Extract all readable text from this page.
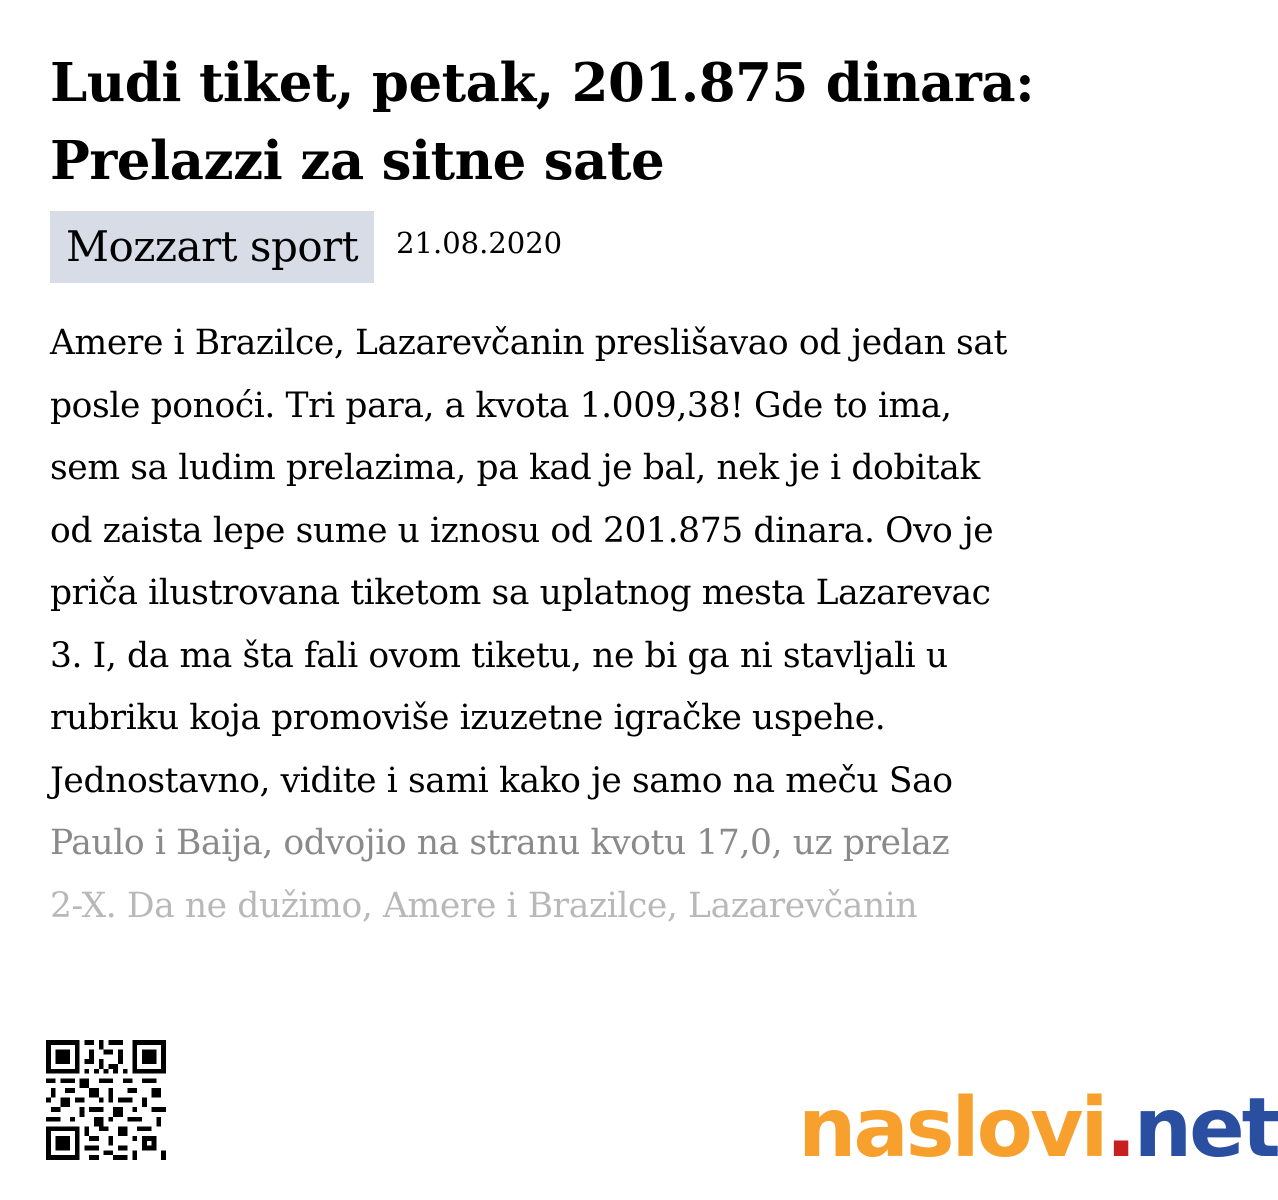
Ludi tiket, petak, 201.875 dinara: Prelazzi za sitne sate
Mozzart sport	21.08.2020
Amere i Brazilce, Lazarevčanin preslišavao od jedan sat
posle ponoći. Tri para, a kvota 1.009,38! Gde to ima,
sem sa ludim prelazima, pa kad je bal, nek je i dobitak
od zaista lepe sume u iznosu od 201.875 dinara. Ovo je
priča ilustrovana tiketom sa uplatnog mesta Lazarevac
3. I, da ma šta fali ovom tiketu, ne bi ga ni stavljali u
rubriku koja promoviše izuzetne igračke uspehe.
Jednostavno, vidite i sami kako je samo na meču Sao
Paulo i Baija, odvojio na stranu kvotu 17,0, uz prelaz
2-X. Da ne dužimo, Amere i Brazilce, Lazarevčanin
naslovi . net
